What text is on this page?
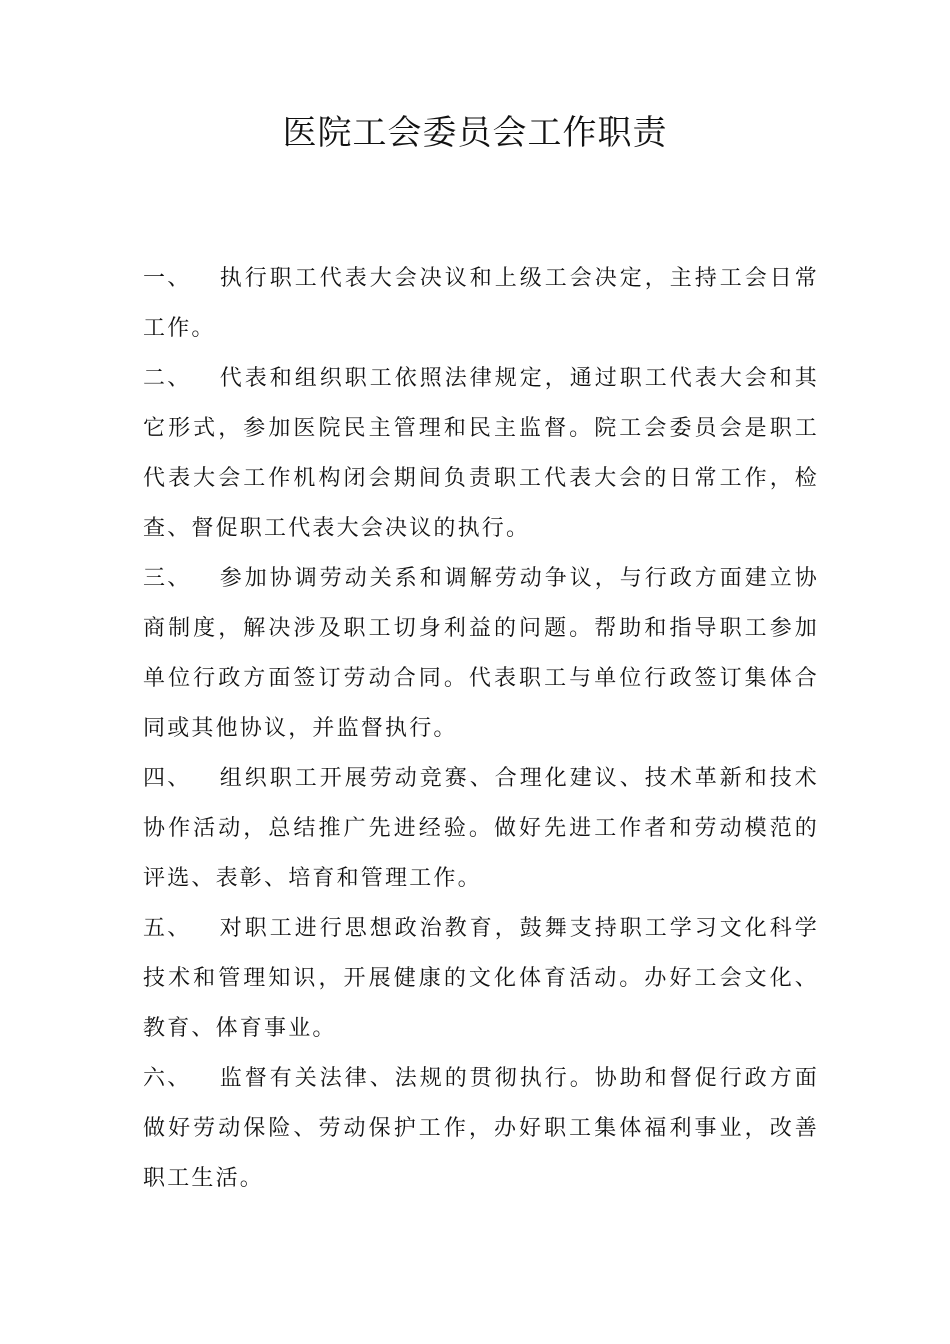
医院工会委员会工作职责

一、 执行职工代表大会决议和上级工会决定，主持工会日常工作。

二、 代表和组织职工依照法律规定，通过职工代表大会和其它形式，参加医院民主管理和民主监督。院工会委员会是职工代表大会工作机构闭会期间负责职工代表大会的日常工作，检查、督促职工代表大会决议的执行。

三、 参加协调劳动关系和调解劳动争议，与行政方面建立协商制度，解决涉及职工切身利益的问题。帮助和指导职工参加单位行政方面签订劳动合同。代表职工与单位行政签订集体合同或其他协议，并监督执行。

四、 组织职工开展劳动竞赛、合理化建议、技术革新和技术协作活动，总结推广先进经验。做好先进工作者和劳动模范的评选、表彰、培育和管理工作。

五、 对职工进行思想政治教育，鼓舞支持职工学习文化科学技术和管理知识，开展健康的文化体育活动。办好工会文化、教育、体育事业。

六、 监督有关法律、法规的贯彻执行。协助和督促行政方面做好劳动保险、劳动保护工作，办好职工集体福利事业，改善职工生活。
